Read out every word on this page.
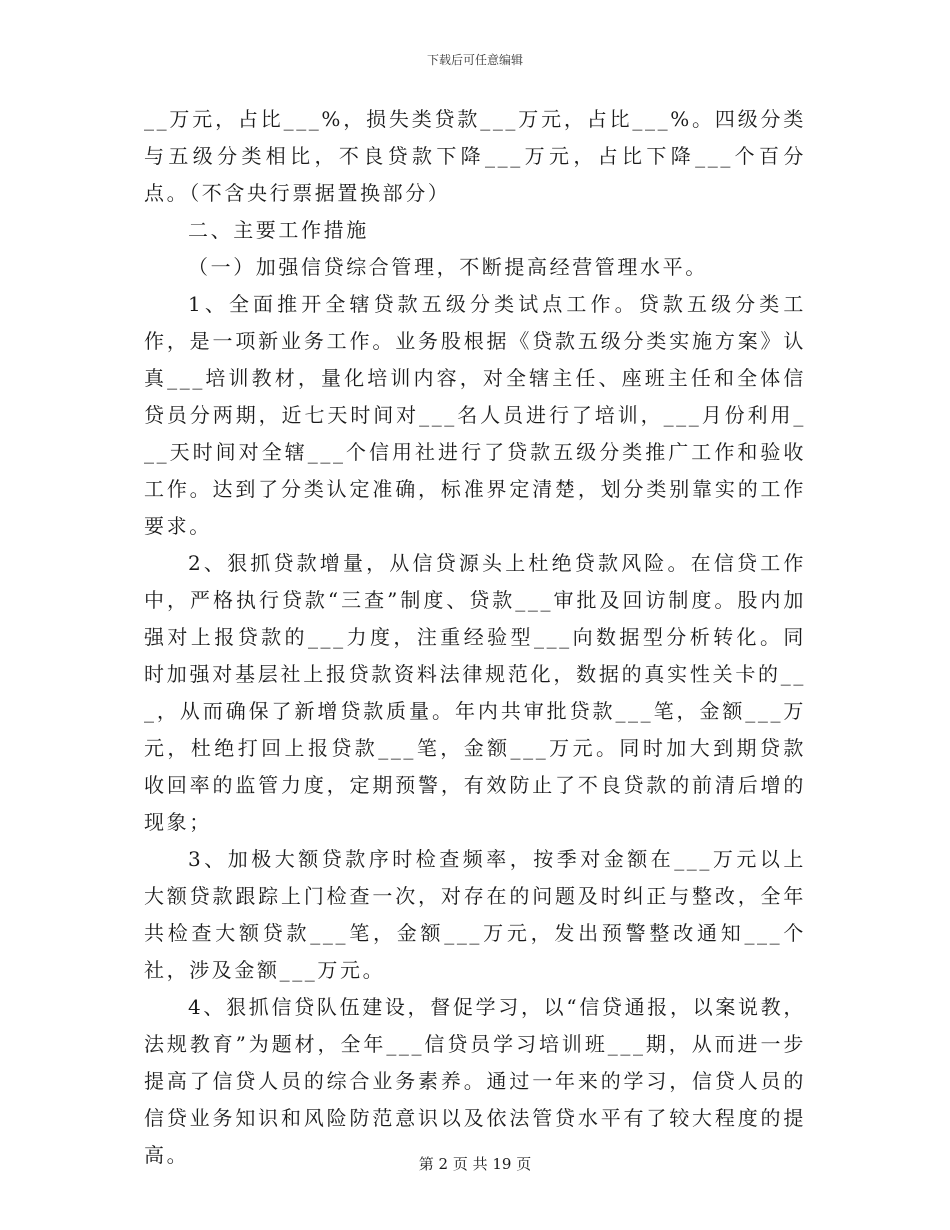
下载后可任意编辑

__万元，占比___%，损失类贷款___万元，占比___%。四级分类与五级分类相比，不良贷款下降___万元，占比下降___个百分点。（不含央行票据置换部分）

二、主要工作措施

（一）加强信贷综合管理，不断提高经营管理水平。

1、全面推开全辖贷款五级分类试点工作。贷款五级分类工作，是一项新业务工作。业务股根据《贷款五级分类实施方案》认真___培训教材，量化培训内容，对全辖主任、座班主任和全体信贷员分两期，近七天时间对___名人员进行了培训，___月份利用___天时间对全辖___个信用社进行了贷款五级分类推广工作和验收工作。达到了分类认定准确，标准界定清楚，划分类别靠实的工作要求。

2、狠抓贷款增量，从信贷源头上杜绝贷款风险。在信贷工作中，严格执行贷款“三查”制度、贷款___审批及回访制度。股内加强对上报贷款的___力度，注重经验型___向数据型分析转化。同时加强对基层社上报贷款资料法律规范化，数据的真实性关卡的___，从而确保了新增贷款质量。年内共审批贷款___笔，金额___万元，杜绝打回上报贷款___笔，金额___万元。同时加大到期贷款收回率的监管力度，定期预警，有效防止了不良贷款的前清后增的现象；

3、加极大额贷款序时检查频率，按季对金额在___万元以上大额贷款跟踪上门检查一次，对存在的问题及时纠正与整改，全年共检查大额贷款___笔，金额___万元，发出预警整改通知___个社，涉及金额___万元。

4、狠抓信贷队伍建设，督促学习，以“信贷通报，以案说教，法规教育”为题材，全年___信贷员学习培训班___期，从而进一步提高了信贷人员的综合业务素养。通过一年来的学习，信贷人员的信贷业务知识和风险防范意识以及依法管贷水平有了较大程度的提高。	第 2 页 共 19 页
